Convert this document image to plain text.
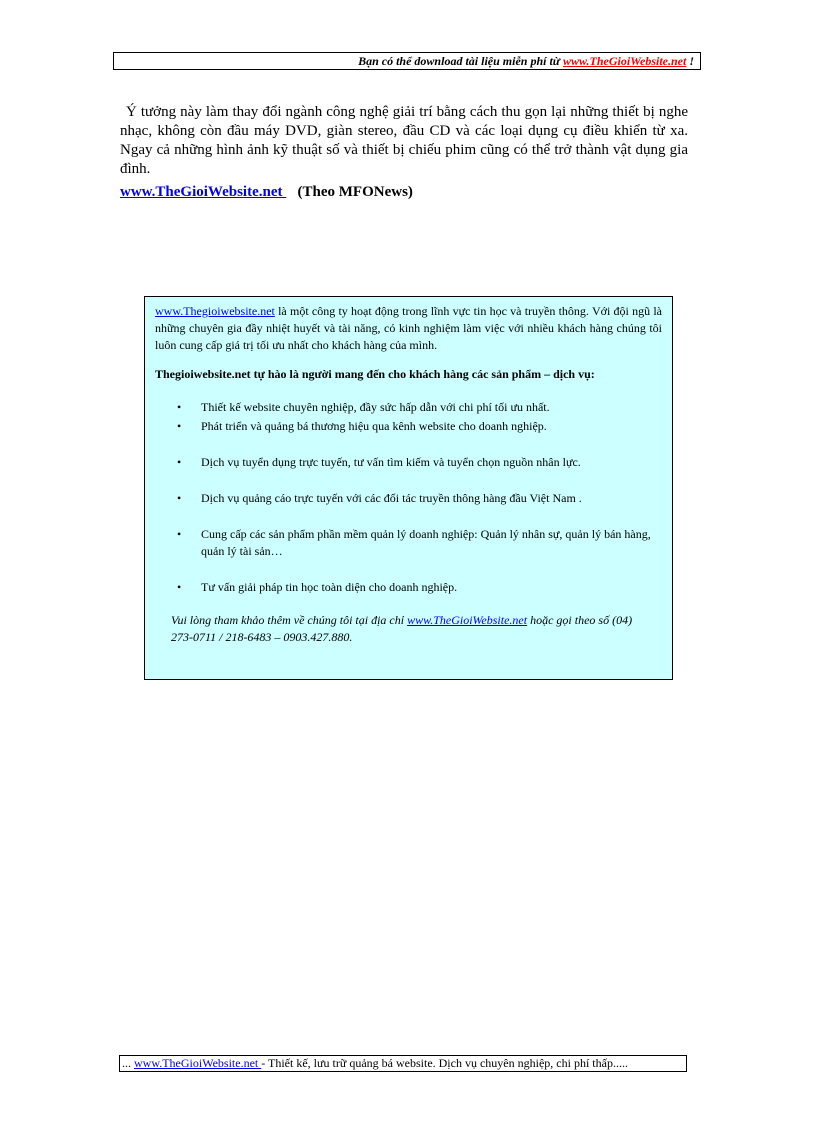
Bạn có thể download tài liệu miễn phí từ www.TheGioiWebsite.net !
Ý tưởng này làm thay đổi ngành công nghệ giải trí bằng cách thu gọn lại những thiết bị nghe nhạc, không còn đầu máy DVD, giàn stereo, đầu CD và các loại dụng cụ điều khiển từ xa. Ngay cả những hình ảnh kỹ thuật số và thiết bị chiếu phim cũng có thể trở thành vật dụng gia đình.
www.TheGioiWebsite.net    (Theo MFONews)

www.Thegioiwebsite.net là một công ty hoạt động trong lĩnh vực tin học và truyền thông. Với đội ngũ là những chuyên gia đầy nhiệt huyết và tài năng, có kinh nghiệm làm việc với nhiều khách hàng chúng tôi luôn cung cấp giá trị tối ưu nhất cho khách hàng của mình.

Thegioiwebsite.net tự hào là người mang đến cho khách hàng các sản phẩm – dịch vụ:

• Thiết kế website chuyên nghiệp, đầy sức hấp dẫn với chi phí tối ưu nhất.
• Phát triển và quảng bá thương hiệu qua kênh website cho doanh nghiệp.
• Dịch vụ tuyển dụng trực tuyến, tư vấn tìm kiếm và tuyển chọn nguồn nhân lực.
• Dịch vụ quảng cáo trực tuyến với các đối tác truyền thông hàng đầu Việt Nam .
• Cung cấp các sản phẩm phần mềm quản lý doanh nghiệp: Quản lý nhân sự, quản lý bán hàng, quản lý tài sản…
• Tư vấn giải pháp tin học toàn diện cho doanh nghiệp.

Vui lòng tham khảo thêm về chúng tôi tại địa chỉ www.TheGioiWebsite.net hoặc gọi theo số (04) 273-0711 / 218-6483 – 0903.427.880.

... www.TheGioiWebsite.net - Thiết kế, lưu trữ quảng bá website. Dịch vụ chuyên nghiệp, chi phí thấp.....
